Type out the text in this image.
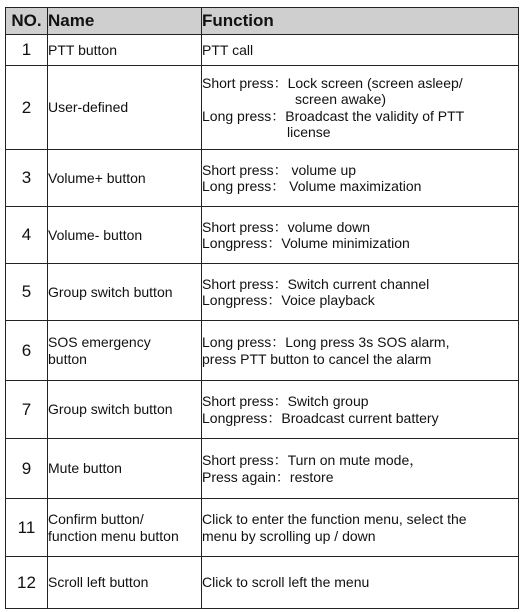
NO.	Name	Function
1	PTT button	PTT call

2	User-defined	Short press：Lock screen (screen asleep/
screen awake)
Long press：Broadcast the validity of PTT
license

3	Volume+ button	Short press： volume up
Long press： Volume maximization

4	Volume- button	Short press：volume down
Longpress：Volume minimization

5	Group switch button	Short press：Switch current channel
Longpress：Voice playback

6	SOS emergency
button	Long press：Long press 3s SOS alarm,
press PTT button to cancel the alarm

7	Group switch button	Short press：Switch group
Longpress：Broadcast current battery

9	Mute button	Short press：Turn on mute mode，
Press again：restore

11	Confirm button/
function menu button	Click to enter the function menu, select the
menu by scrolling up / down

12	Scroll left button	Click to scroll left the menu
